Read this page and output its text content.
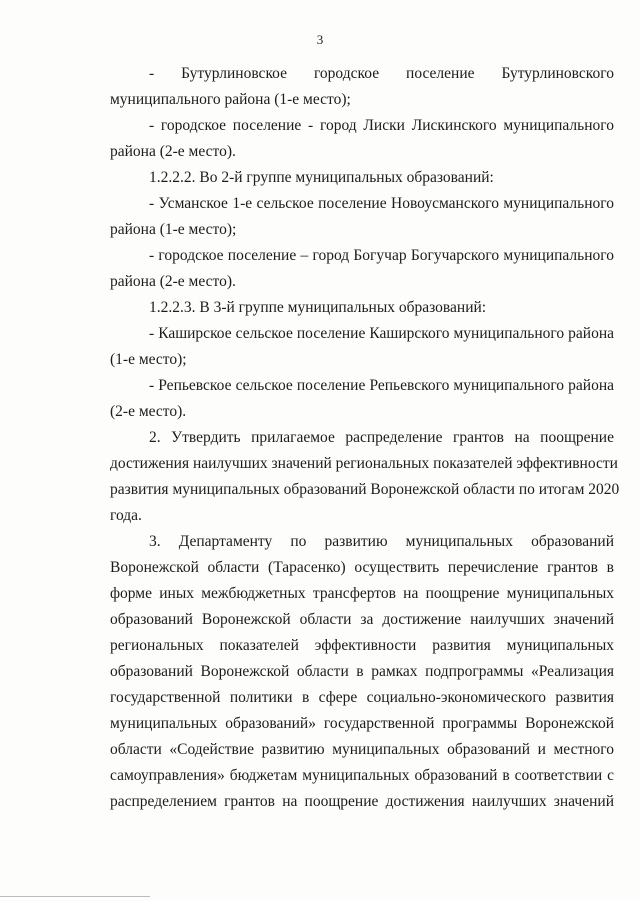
3
- Бутурлиновское городское поселение Бутурлиновского
муниципального района (1-е место);
- городское поселение - город Лиски Лискинского муниципального
района (2-е место).
1.2.2.2. Во 2-й группе муниципальных образований:
- Усманское 1-е сельское поселение Новоусманского муниципального
района (1-е место);
- городское поселение – город Богучар Богучарского муниципального
района (2-е место).
1.2.2.3. В 3-й группе муниципальных образований:
- Каширское сельское поселение Каширского муниципального района
(1-е место);
- Репьевское сельское поселение Репьевского муниципального района
(2-е место).
2. Утвердить прилагаемое распределение грантов на поощрение
достижения наилучших значений региональных показателей эффективности
развития муниципальных образований Воронежской области по итогам 2020
года.
3. Департаменту по развитию муниципальных образований
Воронежской области (Тарасенко) осуществить перечисление грантов в
форме иных межбюджетных трансфертов на поощрение муниципальных
образований Воронежской области за достижение наилучших значений
региональных показателей эффективности развития муниципальных
образований Воронежской области в рамках подпрограммы «Реализация
государственной политики в сфере социально-экономического развития
муниципальных образований» государственной программы Воронежской
области «Содействие развитию муниципальных образований и местного
самоуправления» бюджетам муниципальных образований в соответствии с
распределением грантов на поощрение достижения наилучших значений
